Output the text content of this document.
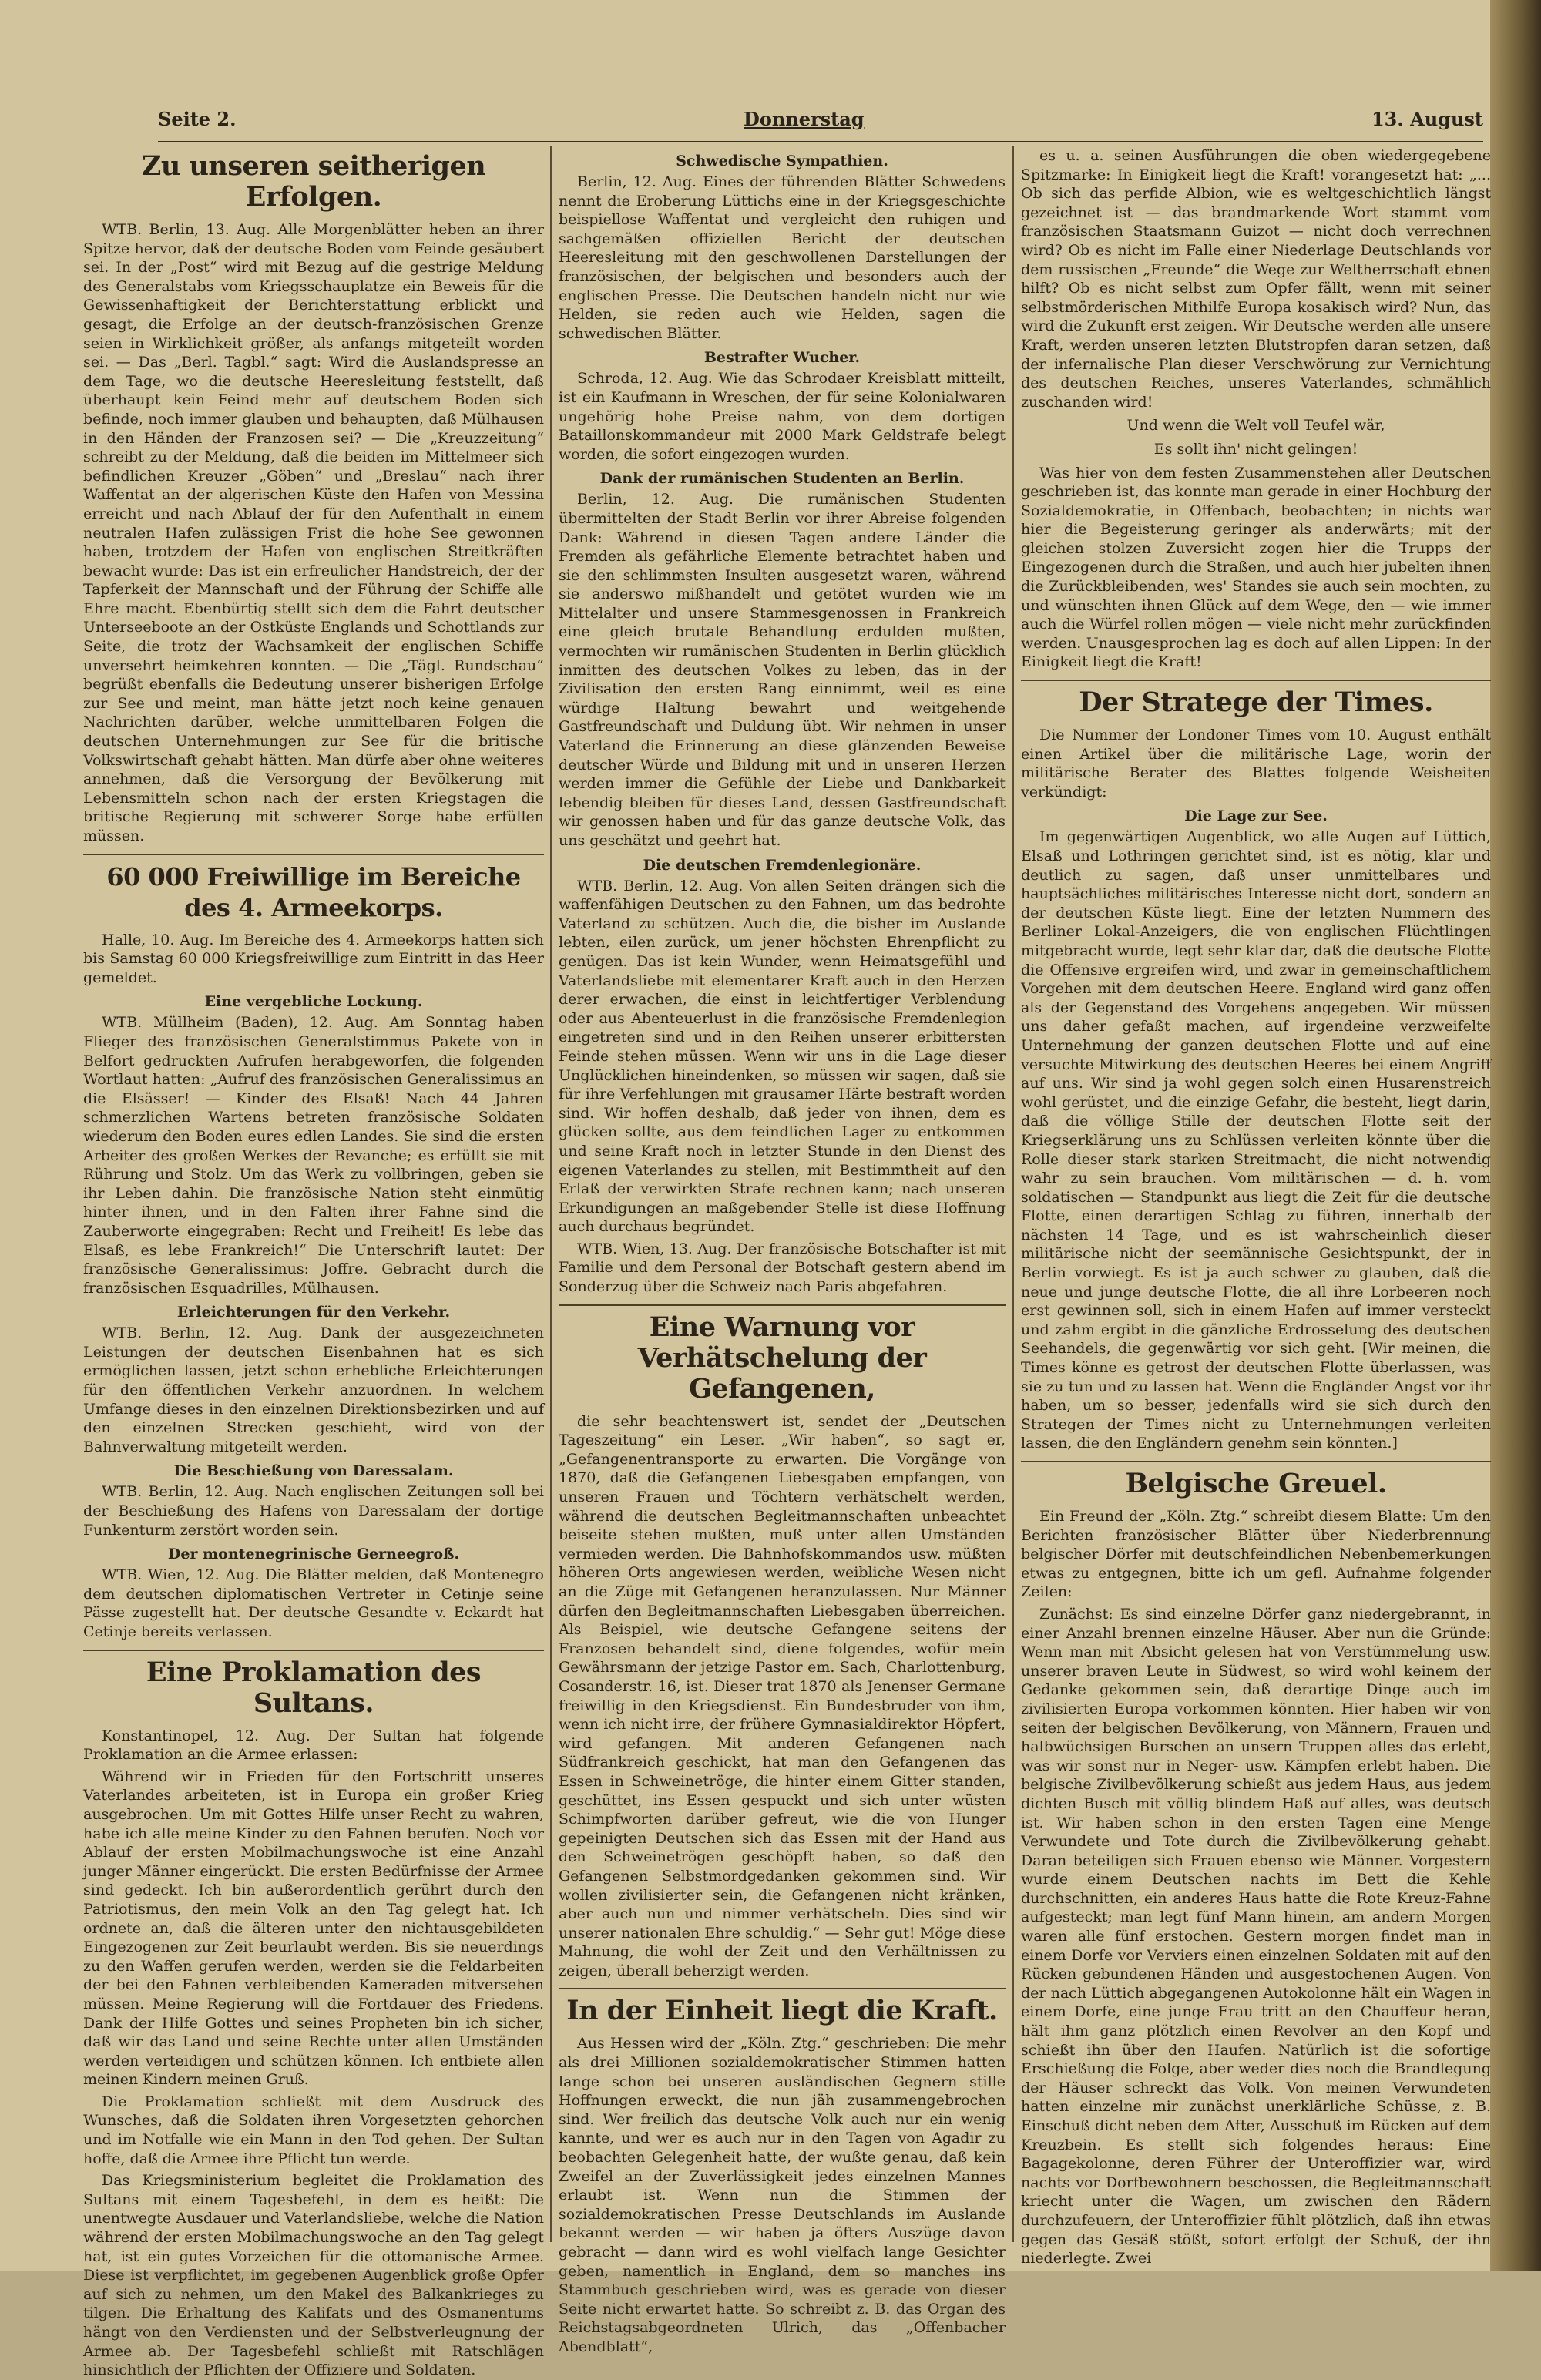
Seite 2.	Donnerstag	13. August
Zu unseren seitherigen Erfolgen.

WTB. Berlin, 13. Aug. Alle Morgenblätter heben an ihrer Spitze hervor, daß der deutsche Boden vom Feinde gesäubert sei. In der „Post“ wird mit Bezug auf die gestrige Meldung des Generalstabs vom Kriegsschauplatze ein Beweis für die Gewissenhaftigkeit der Berichterstattung erblickt und gesagt, die Erfolge an der deutsch-französischen Grenze seien in Wirklichkeit größer, als anfangs mitgeteilt worden sei. — Das „Berl. Tagbl.“ sagt: Wird die Auslandspresse an dem Tage, wo die deutsche Heeresleitung feststellt, daß überhaupt kein Feind mehr auf deutschem Boden sich befinde, noch immer glauben und behaupten, daß Mülhausen in den Händen der Franzosen sei? — Die „Kreuzzeitung“ schreibt zu der Meldung, daß die beiden im Mittelmeer sich befindlichen Kreuzer „Göben“ und „Breslau“ nach ihrer Waffentat an der algerischen Küste den Hafen von Messina erreicht und nach Ablauf der für den Aufenthalt in einem neutralen Hafen zulässigen Frist die hohe See gewonnen haben, trotzdem der Hafen von englischen Streitkräften bewacht wurde: Das ist ein erfreulicher Handstreich, der der Tapferkeit der Mannschaft und der Führung der Schiffe alle Ehre macht. Ebenbürtig stellt sich dem die Fahrt deutscher Unterseeboote an der Ostküste Englands und Schottlands zur Seite, die trotz der Wachsamkeit der englischen Schiffe unversehrt heimkehren konnten. — Die „Tägl. Rundschau“ begrüßt ebenfalls die Bedeutung unserer bisherigen Erfolge zur See und meint, man hätte jetzt noch keine genauen Nachrichten darüber, welche unmittelbaren Folgen die deutschen Unternehmungen zur See für die britische Volkswirtschaft gehabt hätten. Man dürfe aber ohne weiteres annehmen, daß die Versorgung der Bevölkerung mit Lebensmitteln schon nach der ersten Kriegstagen die britische Regierung mit schwerer Sorge habe erfüllen müssen.

60 000 Freiwillige im Bereiche des 4. Armeekorps.

Halle, 10. Aug. Im Bereiche des 4. Armeekorps hatten sich bis Samstag 60 000 Kriegsfreiwillige zum Eintritt in das Heer gemeldet.

Eine vergebliche Lockung.

WTB. Müllheim (Baden), 12. Aug. Am Sonntag haben Flieger des französischen Generalstimmus Pakete von in Belfort gedruckten Aufrufen herabgeworfen, die folgenden Wortlaut hatten: „Aufruf des französischen Generalissimus an die Elsässer! — Kinder des Elsaß! Nach 44 Jahren schmerzlichen Wartens betreten französische Soldaten wiederum den Boden eures edlen Landes. Sie sind die ersten Arbeiter des großen Werkes der Revanche; es erfüllt sie mit Rührung und Stolz. Um das Werk zu vollbringen, geben sie ihr Leben dahin. Die französische Nation steht einmütig hinter ihnen, und in den Falten ihrer Fahne sind die Zauberworte eingegraben: Recht und Freiheit! Es lebe das Elsaß, es lebe Frankreich!“ Die Unterschrift lautet: Der französische Generalissimus: Joffre. Gebracht durch die französischen Esquadrilles, Mülhausen.

Erleichterungen für den Verkehr.

WTB. Berlin, 12. Aug. Dank der ausgezeichneten Leistungen der deutschen Eisenbahnen hat es sich ermöglichen lassen, jetzt schon erhebliche Erleichterungen für den öffentlichen Verkehr anzuordnen. In welchem Umfange dieses in den einzelnen Direktionsbezirken und auf den einzelnen Strecken geschieht, wird von der Bahnverwaltung mitgeteilt werden.

Die Beschießung von Daressalam.

WTB. Berlin, 12. Aug. Nach englischen Zeitungen soll bei der Beschießung des Hafens von Daressalam der dortige Funkenturm zerstört worden sein.

Der montenegrinische Gerneegroß.

WTB. Wien, 12. Aug. Die Blätter melden, daß Montenegro dem deutschen diplomatischen Vertreter in Cetinje seine Pässe zugestellt hat. Der deutsche Gesandte v. Eckardt hat Cetinje bereits verlassen.

Eine Proklamation des Sultans.

Konstantinopel, 12. Aug. Der Sultan hat folgende Proklamation an die Armee erlassen:

Während wir in Frieden für den Fortschritt unseres Vaterlandes arbeiteten, ist in Europa ein großer Krieg ausgebrochen. Um mit Gottes Hilfe unser Recht zu wahren, habe ich alle meine Kinder zu den Fahnen berufen. Noch vor Ablauf der ersten Mobilmachungswoche ist eine Anzahl junger Männer eingerückt. Die ersten Bedürfnisse der Armee sind gedeckt. Ich bin außerordentlich gerührt durch den Patriotismus, den mein Volk an den Tag gelegt hat. Ich ordnete an, daß die älteren unter den nichtausgebildeten Eingezogenen zur Zeit beurlaubt werden. Bis sie neuerdings zu den Waffen gerufen werden, werden sie die Feldarbeiten der bei den Fahnen verbleibenden Kameraden mitversehen müssen. Meine Regierung will die Fortdauer des Friedens. Dank der Hilfe Gottes und seines Propheten bin ich sicher, daß wir das Land und seine Rechte unter allen Umständen werden verteidigen und schützen können. Ich entbiete allen meinen Kindern meinen Gruß.

Die Proklamation schließt mit dem Ausdruck des Wunsches, daß die Soldaten ihren Vorgesetzten gehorchen und im Notfalle wie ein Mann in den Tod gehen. Der Sultan hoffe, daß die Armee ihre Pflicht tun werde.

Das Kriegsministerium begleitet die Proklamation des Sultans mit einem Tagesbefehl, in dem es heißt: Die unentwegte Ausdauer und Vaterlandsliebe, welche die Nation während der ersten Mobilmachungswoche an den Tag gelegt hat, ist ein gutes Vorzeichen für die ottomanische Armee. Diese ist verpflichtet, im gegebenen Augenblick große Opfer auf sich zu nehmen, um den Makel des Balkankrieges zu tilgen. Die Erhaltung des Kalifats und des Osmanentums hängt von den Verdiensten und der Selbstverleugnung der Armee ab. Der Tagesbefehl schließt mit Ratschlägen hinsichtlich der Pflichten der Offiziere und Soldaten.

Schwedische Sympathien.

Berlin, 12. Aug. Eines der führenden Blätter Schwedens nennt die Eroberung Lüttichs eine in der Kriegsgeschichte beispiellose Waffentat und vergleicht den ruhigen und sachgemäßen offiziellen Bericht der deutschen Heeresleitung mit den geschwollenen Darstellungen der französischen, der belgischen und besonders auch der englischen Presse. Die Deutschen handeln nicht nur wie Helden, sie reden auch wie Helden, sagen die schwedischen Blätter.

Bestrafter Wucher.

Schroda, 12. Aug. Wie das Schrodaer Kreisblatt mitteilt, ist ein Kaufmann in Wreschen, der für seine Kolonialwaren ungehörig hohe Preise nahm, von dem dortigen Bataillonskommandeur mit 2000 Mark Geldstrafe belegt worden, die sofort eingezogen wurden.

Dank der rumänischen Studenten an Berlin.

Berlin, 12. Aug. Die rumänischen Studenten übermittelten der Stadt Berlin vor ihrer Abreise folgenden Dank: Während in diesen Tagen andere Länder die Fremden als gefährliche Elemente betrachtet haben und sie den schlimmsten Insulten ausgesetzt waren, während sie anderswo mißhandelt und getötet wurden wie im Mittelalter und unsere Stammesgenossen in Frankreich eine gleich brutale Behandlung erdulden mußten, vermochten wir rumänischen Studenten in Berlin glücklich inmitten des deutschen Volkes zu leben, das in der Zivilisation den ersten Rang einnimmt, weil es eine würdige Haltung bewahrt und weitgehende Gastfreundschaft und Duldung übt. Wir nehmen in unser Vaterland die Erinnerung an diese glänzenden Beweise deutscher Würde und Bildung mit und in unseren Herzen werden immer die Gefühle der Liebe und Dankbarkeit lebendig bleiben für dieses Land, dessen Gastfreundschaft wir genossen haben und für das ganze deutsche Volk, das uns geschätzt und geehrt hat.

Die deutschen Fremdenlegionäre.

WTB. Berlin, 12. Aug. Von allen Seiten drängen sich die waffenfähigen Deutschen zu den Fahnen, um das bedrohte Vaterland zu schützen. Auch die, die bisher im Auslande lebten, eilen zurück, um jener höchsten Ehrenpflicht zu genügen. Das ist kein Wunder, wenn Heimatsgefühl und Vaterlandsliebe mit elementarer Kraft auch in den Herzen derer erwachen, die einst in leichtfertiger Verblendung oder aus Abenteuerlust in die französische Fremdenlegion eingetreten sind und in den Reihen unserer erbittersten Feinde stehen müssen. Wenn wir uns in die Lage dieser Unglücklichen hineindenken, so müssen wir sagen, daß sie für ihre Verfehlungen mit grausamer Härte bestraft worden sind. Wir hoffen deshalb, daß jeder von ihnen, dem es glücken sollte, aus dem feindlichen Lager zu entkommen und seine Kraft noch in letzter Stunde in den Dienst des eigenen Vaterlandes zu stellen, mit Bestimmtheit auf den Erlaß der verwirkten Strafe rechnen kann; nach unseren Erkundigungen an maßgebender Stelle ist diese Hoffnung auch durchaus begründet.

WTB. Wien, 13. Aug. Der französische Botschafter ist mit Familie und dem Personal der Botschaft gestern abend im Sonderzug über die Schweiz nach Paris abgefahren.

Eine Warnung vor Verhätschelung der Gefangenen,

die sehr beachtenswert ist, sendet der „Deutschen Tageszeitung“ ein Leser. „Wir haben“, so sagt er, „Gefangenentransporte zu erwarten. Die Vorgänge von 1870, daß die Gefangenen Liebesgaben empfangen, von unseren Frauen und Töchtern verhätschelt werden, während die deutschen Begleitmannschaften unbeachtet beiseite stehen mußten, muß unter allen Umständen vermieden werden. Die Bahnhofskommandos usw. müßten höheren Orts angewiesen werden, weibliche Wesen nicht an die Züge mit Gefangenen heranzulassen. Nur Männer dürfen den Begleitmannschaften Liebesgaben überreichen. Als Beispiel, wie deutsche Gefangene seitens der Franzosen behandelt sind, diene folgendes, wofür mein Gewährsmann der jetzige Pastor em. Sach, Charlottenburg, Cosanderstr. 16, ist. Dieser trat 1870 als Jenenser Germane freiwillig in den Kriegsdienst. Ein Bundesbruder von ihm, wenn ich nicht irre, der frühere Gymnasialdirektor Höpfert, wird gefangen. Mit anderen Gefangenen nach Südfrankreich geschickt, hat man den Gefangenen das Essen in Schweinetröge, die hinter einem Gitter standen, geschüttet, ins Essen gespuckt und sich unter wüsten Schimpfworten darüber gefreut, wie die von Hunger gepeinigten Deutschen sich das Essen mit der Hand aus den Schweinetrögen geschöpft haben, so daß den Gefangenen Selbstmordgedanken gekommen sind. Wir wollen zivilisierter sein, die Gefangenen nicht kränken, aber auch nun und nimmer verhätscheln. Dies sind wir unserer nationalen Ehre schuldig.“ — Sehr gut! Möge diese Mahnung, die wohl der Zeit und den Verhältnissen zu zeigen, überall beherzigt werden.

In der Einheit liegt die Kraft.

Aus Hessen wird der „Köln. Ztg.“ geschrieben: Die mehr als drei Millionen sozialdemokratischer Stimmen hatten lange schon bei unseren ausländischen Gegnern stille Hoffnungen erweckt, die nun jäh zusammengebrochen sind. Wer freilich das deutsche Volk auch nur ein wenig kannte, und wer es auch nur in den Tagen von Agadir zu beobachten Gelegenheit hatte, der wußte genau, daß kein Zweifel an der Zuverlässigkeit jedes einzelnen Mannes erlaubt ist. Wenn nun die Stimmen der sozialdemokratischen Presse Deutschlands im Auslande bekannt werden — wir haben ja öfters Auszüge davon gebracht — dann wird es wohl vielfach lange Gesichter geben, namentlich in England, dem so manches ins Stammbuch geschrieben wird, was es gerade von dieser Seite nicht erwartet hatte. So schreibt z. B. das Organ des Reichstagsabgeordneten Ulrich, das „Offenbacher Abendblatt“,

es u. a. seinen Ausführungen die oben wiedergegebene Spitzmarke: In Einigkeit liegt die Kraft! vorangesetzt hat: „... Ob sich das perfide Albion, wie es weltgeschichtlich längst gezeichnet ist — das brandmarkende Wort stammt vom französischen Staatsmann Guizot — nicht doch verrechnen wird? Ob es nicht im Falle einer Niederlage Deutschlands vor dem russischen „Freunde“ die Wege zur Weltherrschaft ebnen hilft? Ob es nicht selbst zum Opfer fällt, wenn mit seiner selbstmörderischen Mithilfe Europa kosakisch wird? Nun, das wird die Zukunft erst zeigen. Wir Deutsche werden alle unsere Kraft, werden unseren letzten Blutstropfen daran setzen, daß der infernalische Plan dieser Verschwörung zur Vernichtung des deutschen Reiches, unseres Vaterlandes, schmählich zuschanden wird!

Und wenn die Welt voll Teufel wär,

Es sollt ihn' nicht gelingen!

Was hier von dem festen Zusammenstehen aller Deutschen geschrieben ist, das konnte man gerade in einer Hochburg der Sozialdemokratie, in Offenbach, beobachten; in nichts war hier die Begeisterung geringer als anderwärts; mit der gleichen stolzen Zuversicht zogen hier die Trupps der Eingezogenen durch die Straßen, und auch hier jubelten ihnen die Zurückbleibenden, wes' Standes sie auch sein mochten, zu und wünschten ihnen Glück auf dem Wege, den — wie immer auch die Würfel rollen mögen — viele nicht mehr zurückfinden werden. Unausgesprochen lag es doch auf allen Lippen: In der Einigkeit liegt die Kraft!

Der Stratege der Times.

Die Nummer der Londoner Times vom 10. August enthält einen Artikel über die militärische Lage, worin der militärische Berater des Blattes folgende Weisheiten verkündigt:

Die Lage zur See.

Im gegenwärtigen Augenblick, wo alle Augen auf Lüttich, Elsaß und Lothringen gerichtet sind, ist es nötig, klar und deutlich zu sagen, daß unser unmittelbares und hauptsächliches militärisches Interesse nicht dort, sondern an der deutschen Küste liegt. Eine der letzten Nummern des Berliner Lokal-Anzeigers, die von englischen Flüchtlingen mitgebracht wurde, legt sehr klar dar, daß die deutsche Flotte die Offensive ergreifen wird, und zwar in gemeinschaftlichem Vorgehen mit dem deutschen Heere. England wird ganz offen als der Gegenstand des Vorgehens angegeben. Wir müssen uns daher gefaßt machen, auf irgendeine verzweifelte Unternehmung der ganzen deutschen Flotte und auf eine versuchte Mitwirkung des deutschen Heeres bei einem Angriff auf uns. Wir sind ja wohl gegen solch einen Husarenstreich wohl gerüstet, und die einzige Gefahr, die besteht, liegt darin, daß die völlige Stille der deutschen Flotte seit der Kriegserklärung uns zu Schlüssen verleiten könnte über die Rolle dieser stark starken Streitmacht, die nicht notwendig wahr zu sein brauchen. Vom militärischen — d. h. vom soldatischen — Standpunkt aus liegt die Zeit für die deutsche Flotte, einen derartigen Schlag zu führen, innerhalb der nächsten 14 Tage, und es ist wahrscheinlich dieser militärische nicht der seemännische Gesichtspunkt, der in Berlin vorwiegt. Es ist ja auch schwer zu glauben, daß die neue und junge deutsche Flotte, die all ihre Lorbeeren noch erst gewinnen soll, sich in einem Hafen auf immer versteckt und zahm ergibt in die gänzliche Erdrosselung des deutschen Seehandels, die gegenwärtig vor sich geht. [Wir meinen, die Times könne es getrost der deutschen Flotte überlassen, was sie zu tun und zu lassen hat. Wenn die Engländer Angst vor ihr haben, um so besser, jedenfalls wird sie sich durch den Strategen der Times nicht zu Unternehmungen verleiten lassen, die den Engländern genehm sein könnten.]

Belgische Greuel.

Ein Freund der „Köln. Ztg.“ schreibt diesem Blatte: Um den Berichten französischer Blätter über Niederbrennung belgischer Dörfer mit deutschfeindlichen Nebenbemerkungen etwas zu entgegnen, bitte ich um gefl. Aufnahme folgender Zeilen:

Zunächst: Es sind einzelne Dörfer ganz niedergebrannt, in einer Anzahl brennen einzelne Häuser. Aber nun die Gründe: Wenn man mit Absicht gelesen hat von Verstümmelung usw. unserer braven Leute in Südwest, so wird wohl keinem der Gedanke gekommen sein, daß derartige Dinge auch im zivilisierten Europa vorkommen könnten. Hier haben wir von seiten der belgischen Bevölkerung, von Männern, Frauen und halbwüchsigen Burschen an unsern Truppen alles das erlebt, was wir sonst nur in Neger- usw. Kämpfen erlebt haben. Die belgische Zivilbevölkerung schießt aus jedem Haus, aus jedem dichten Busch mit völlig blindem Haß auf alles, was deutsch ist. Wir haben schon in den ersten Tagen eine Menge Verwundete und Tote durch die Zivilbevölkerung gehabt. Daran beteiligen sich Frauen ebenso wie Männer. Vorgestern wurde einem Deutschen nachts im Bett die Kehle durchschnitten, ein anderes Haus hatte die Rote Kreuz-Fahne aufgesteckt; man legt fünf Mann hinein, am andern Morgen waren alle fünf erstochen. Gestern morgen findet man in einem Dorfe vor Verviers einen einzelnen Soldaten mit auf den Rücken gebundenen Händen und ausgestochenen Augen. Von der nach Lüttich abgegangenen Autokolonne hält ein Wagen in einem Dorfe, eine junge Frau tritt an den Chauffeur heran, hält ihm ganz plötzlich einen Revolver an den Kopf und schießt ihn über den Haufen. Natürlich ist die sofortige Erschießung die Folge, aber weder dies noch die Brandlegung der Häuser schreckt das Volk. Von meinen Verwundeten hatten einzelne mir zunächst unerklärliche Schüsse, z. B. Einschuß dicht neben dem After, Ausschuß im Rücken auf dem Kreuzbein. Es stellt sich folgendes heraus: Eine Bagagekolonne, deren Führer der Unteroffizier war, wird nachts vor Dorfbewohnern beschossen, die Begleitmannschaft kriecht unter die Wagen, um zwischen den Rädern durchzufeuern, der Unteroffizier fühlt plötzlich, daß ihn etwas gegen das Gesäß stößt, sofort erfolgt der Schuß, der ihn niederlegte. Zwei
